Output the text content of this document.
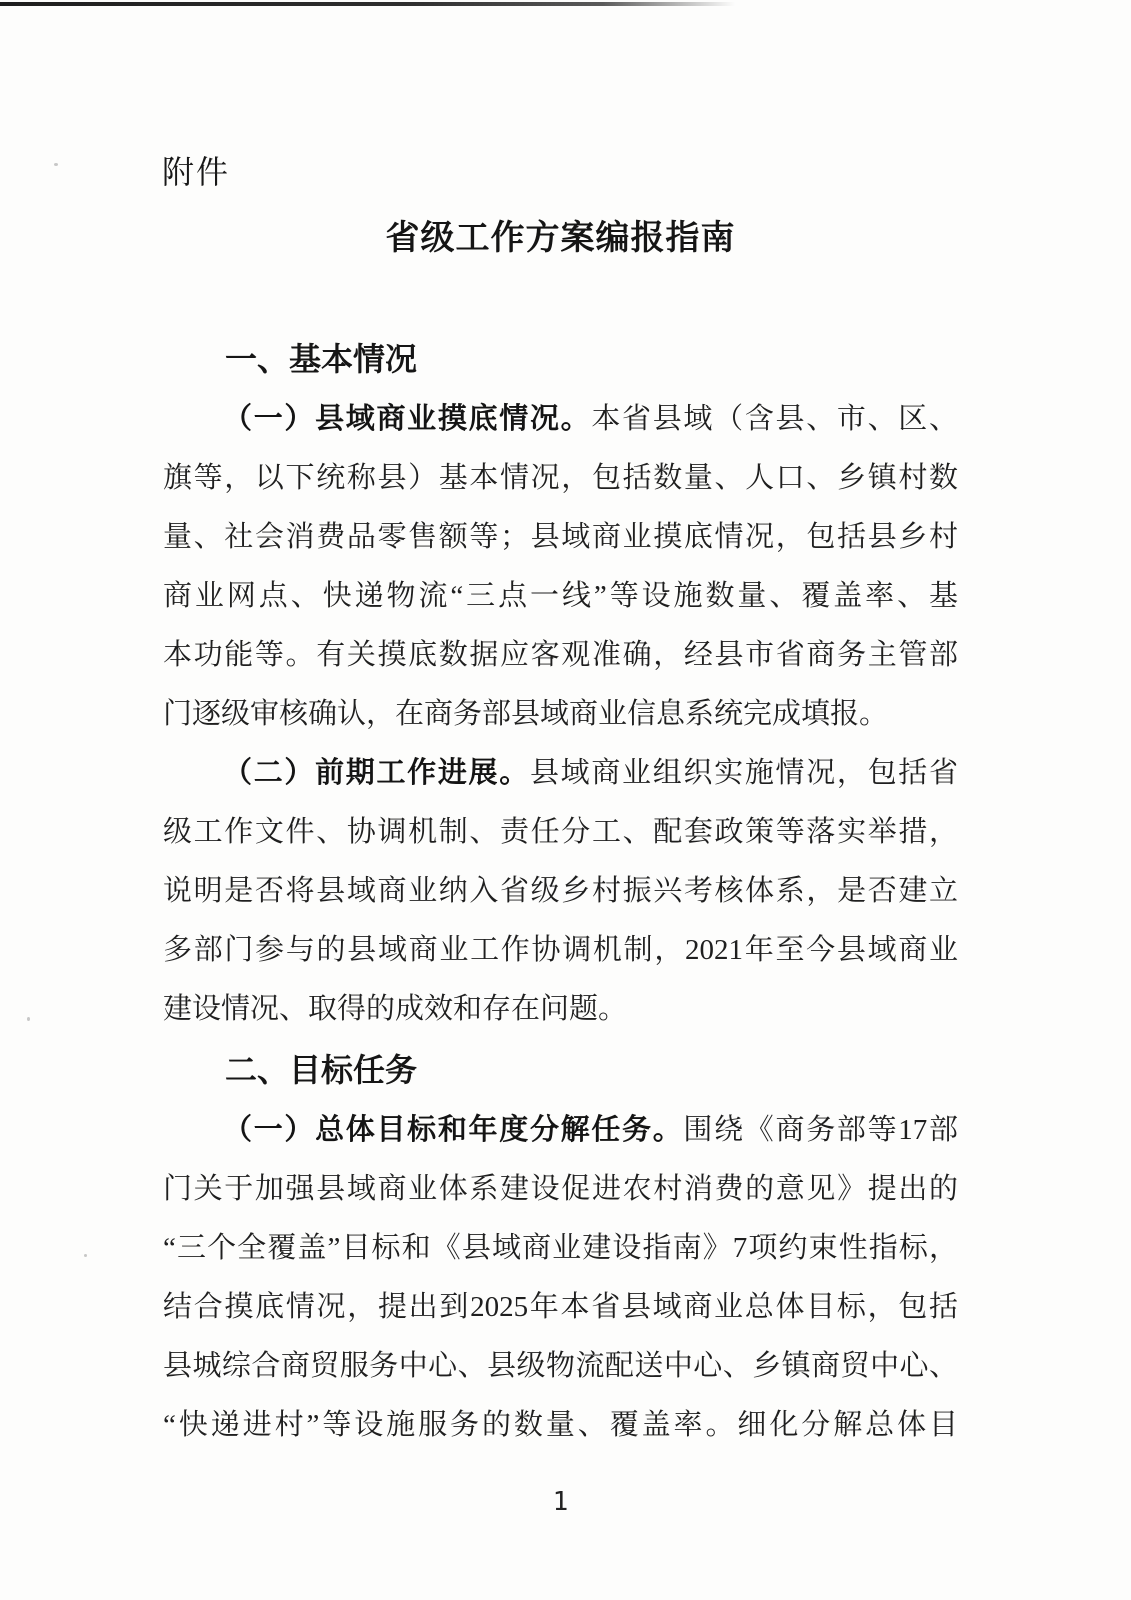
附件
省级工作方案编报指南
一、基本情况
（一）县域商业摸底情况。本省县域（含县、市、区、
旗等，以下统称县）基本情况，包括数量、人口、乡镇村数
量、社会消费品零售额等；县域商业摸底情况，包括县乡村
商业网点、快递物流“三点一线”等设施数量、覆盖率、基
本功能等。有关摸底数据应客观准确，经县市省商务主管部
门逐级审核确认，在商务部县域商业信息系统完成填报。
（二）前期工作进展。县域商业组织实施情况，包括省
级工作文件、协调机制、责任分工、配套政策等落实举措，
说明是否将县域商业纳入省级乡村振兴考核体系，是否建立
多部门参与的县域商业工作协调机制，2021年至今县域商业
建设情况、取得的成效和存在问题。
二、目标任务
（一）总体目标和年度分解任务。围绕《商务部等17部
门关于加强县域商业体系建设促进农村消费的意见》提出的
“三个全覆盖”目标和《县域商业建设指南》7项约束性指标，
结合摸底情况，提出到2025年本省县域商业总体目标，包括
县城综合商贸服务中心、县级物流配送中心、乡镇商贸中心、
“快递进村”等设施服务的数量、覆盖率。细化分解总体目
1
